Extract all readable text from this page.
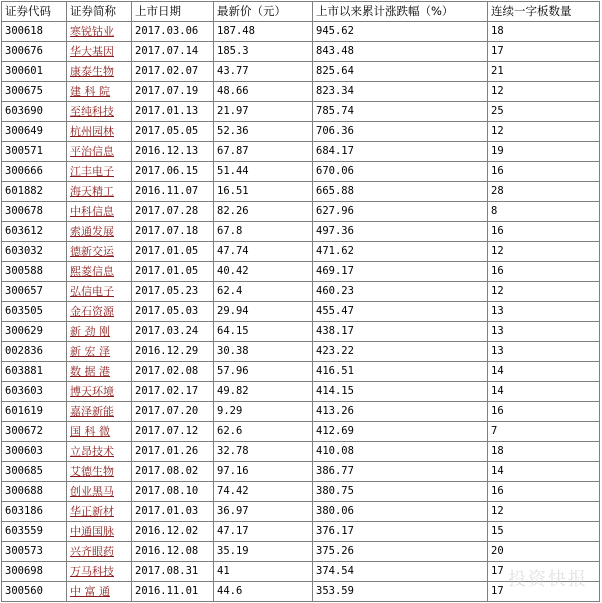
证券代码	证券简称	上市日期	最新价（元）	上市以来累计涨跌幅（%）	连续一字板数量
300618	寒锐钴业	2017.03.06	187.48	945.62	18
300676	华大基因	2017.07.14	185.3	843.48	17
300601	康泰生物	2017.02.07	43.77	825.64	21
300675	建 科 院	2017.07.19	48.66	823.34	12
603690	至纯科技	2017.01.13	21.97	785.74	25
300649	杭州园林	2017.05.05	52.36	706.36	12
300571	平治信息	2016.12.13	67.87	684.17	19
300666	江丰电子	2017.06.15	51.44	670.06	16
601882	海天精工	2016.11.07	16.51	665.88	28
300678	中科信息	2017.07.28	82.26	627.96	8
603612	索通发展	2017.07.18	67.8	497.36	16
603032	德新交运	2017.01.05	47.74	471.62	12
300588	熙菱信息	2017.01.05	40.42	469.17	16
300657	弘信电子	2017.05.23	62.4	460.23	12
603505	金石资源	2017.05.03	29.94	455.47	13
300629	新 劲 刚	2017.03.24	64.15	438.17	13
002836	新 宏 泽	2016.12.29	30.38	423.22	13
603881	数 据 港	2017.02.08	57.96	416.51	14
603603	博天环境	2017.02.17	49.82	414.15	14
601619	嘉泽新能	2017.07.20	9.29	413.26	16
300672	国 科 微	2017.07.12	62.6	412.69	7
300603	立昂技术	2017.01.26	32.78	410.08	18
300685	艾德生物	2017.08.02	97.16	386.77	14
300688	创业黑马	2017.08.10	74.42	380.75	16
603186	华正新材	2017.01.03	36.97	380.06	12
603559	中通国脉	2016.12.02	47.17	376.17	15
300573	兴齐眼药	2016.12.08	35.19	375.26	20
300698	万马科技	2017.08.31	41	374.54	17
300560	中 富 通	2016.11.01	44.6	353.59	17
投资快报
